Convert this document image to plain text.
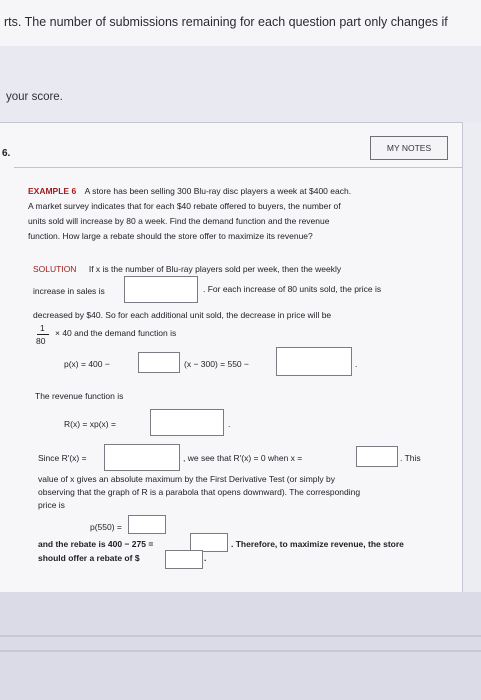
rts. The number of submissions remaining for each question part only changes if
your score.
6.	MY NOTES
EXAMPLE 6 A store has been selling 300 Blu-ray disc players a week at $400 each.
A market survey indicates that for each $40 rebate offered to buyers, the number of
units sold will increase by 80 a week. Find the demand function and the revenue
function. How large a rebate should the store offer to maximize its revenue?
SOLUTION If x is the number of Blu-ray players sold per week, then the weekly
increase in sales is	. For each increase of 80 units sold, the price is
decreased by $40. So for each additional unit sold, the decrease in price will be
1
80
× 40 and the demand function is
p(x) = 400 −	(x − 300) = 550 −	.
The revenue function is
R(x) = xp(x) =	.
Since R′(x) =	, we see that R′(x) = 0 when x =	. This
value of x gives an absolute maximum by the First Derivative Test (or simply by
observing that the graph of R is a parabola that opens downward). The corresponding
price is
p(550) =
and the rebate is 400 − 275 =	. Therefore, to maximize revenue, the store
should offer a rebate of $	.
